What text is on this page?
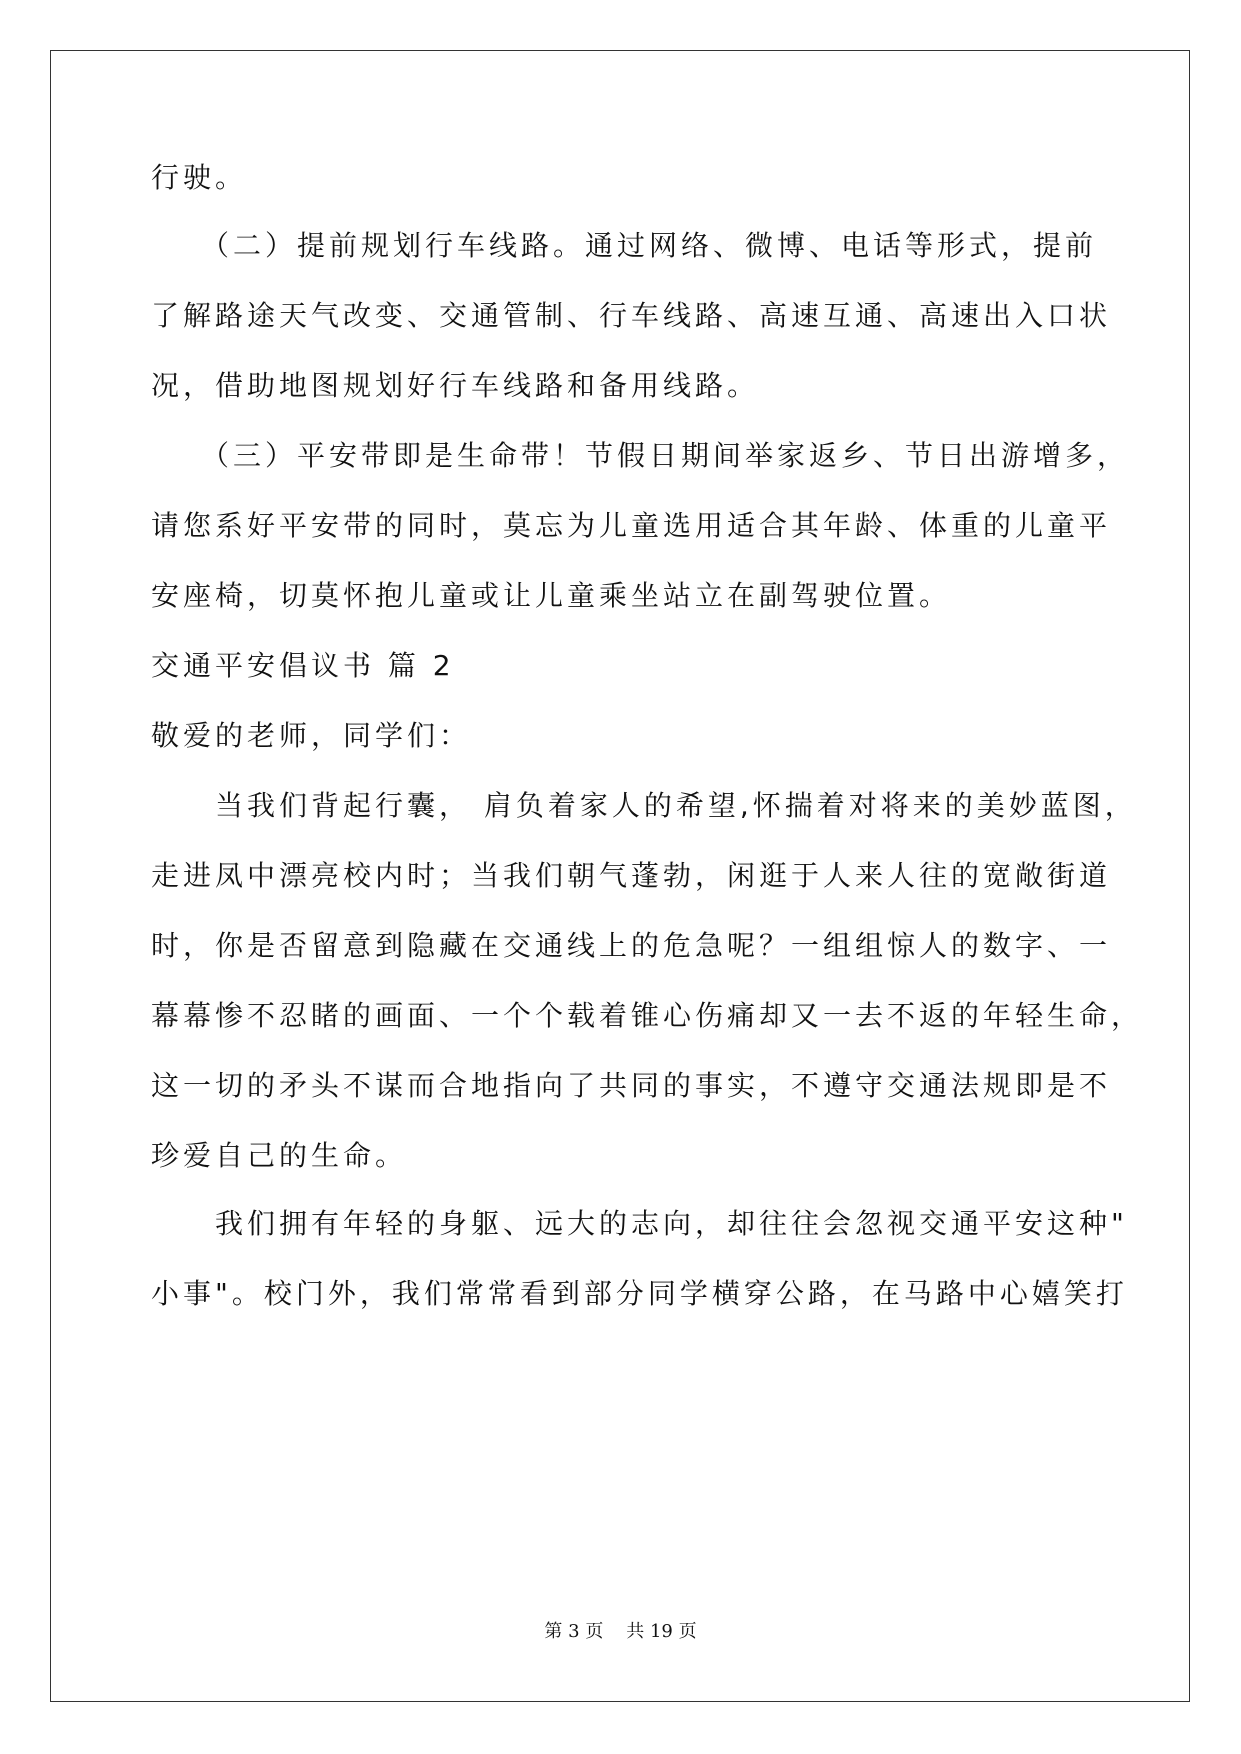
行驶。
　　（二）提前规划行车线路。通过网络、微博、电话等形式，提前
了解路途天气改变、交通管制、行车线路、高速互通、高速出入口状
况，借助地图规划好行车线路和备用线路。
　　（三）平安带即是生命带！节假日期间举家返乡、节日出游增多，
请您系好平安带的同时，莫忘为儿童选用适合其年龄、体重的儿童平
安座椅，切莫怀抱儿童或让儿童乘坐站立在副驾驶位置。
交通平安倡议书 篇 2
敬爱的老师，同学们：
　　当我们背起行囊， 肩负着家人的希望,怀揣着对将来的美妙蓝图，
走进凤中漂亮校内时；当我们朝气蓬勃，闲逛于人来人往的宽敞街道
时，你是否留意到隐藏在交通线上的危急呢？一组组惊人的数字、一
幕幕惨不忍睹的画面、一个个载着锥心伤痛却又一去不返的年轻生命，
这一切的矛头不谋而合地指向了共同的事实，不遵守交通法规即是不
珍爱自己的生命。
　　我们拥有年轻的身躯、远大的志向，却往往会忽视交通平安这种"
小事"。校门外，我们常常看到部分同学横穿公路，在马路中心嬉笑打
第 3 页 共 19 页
